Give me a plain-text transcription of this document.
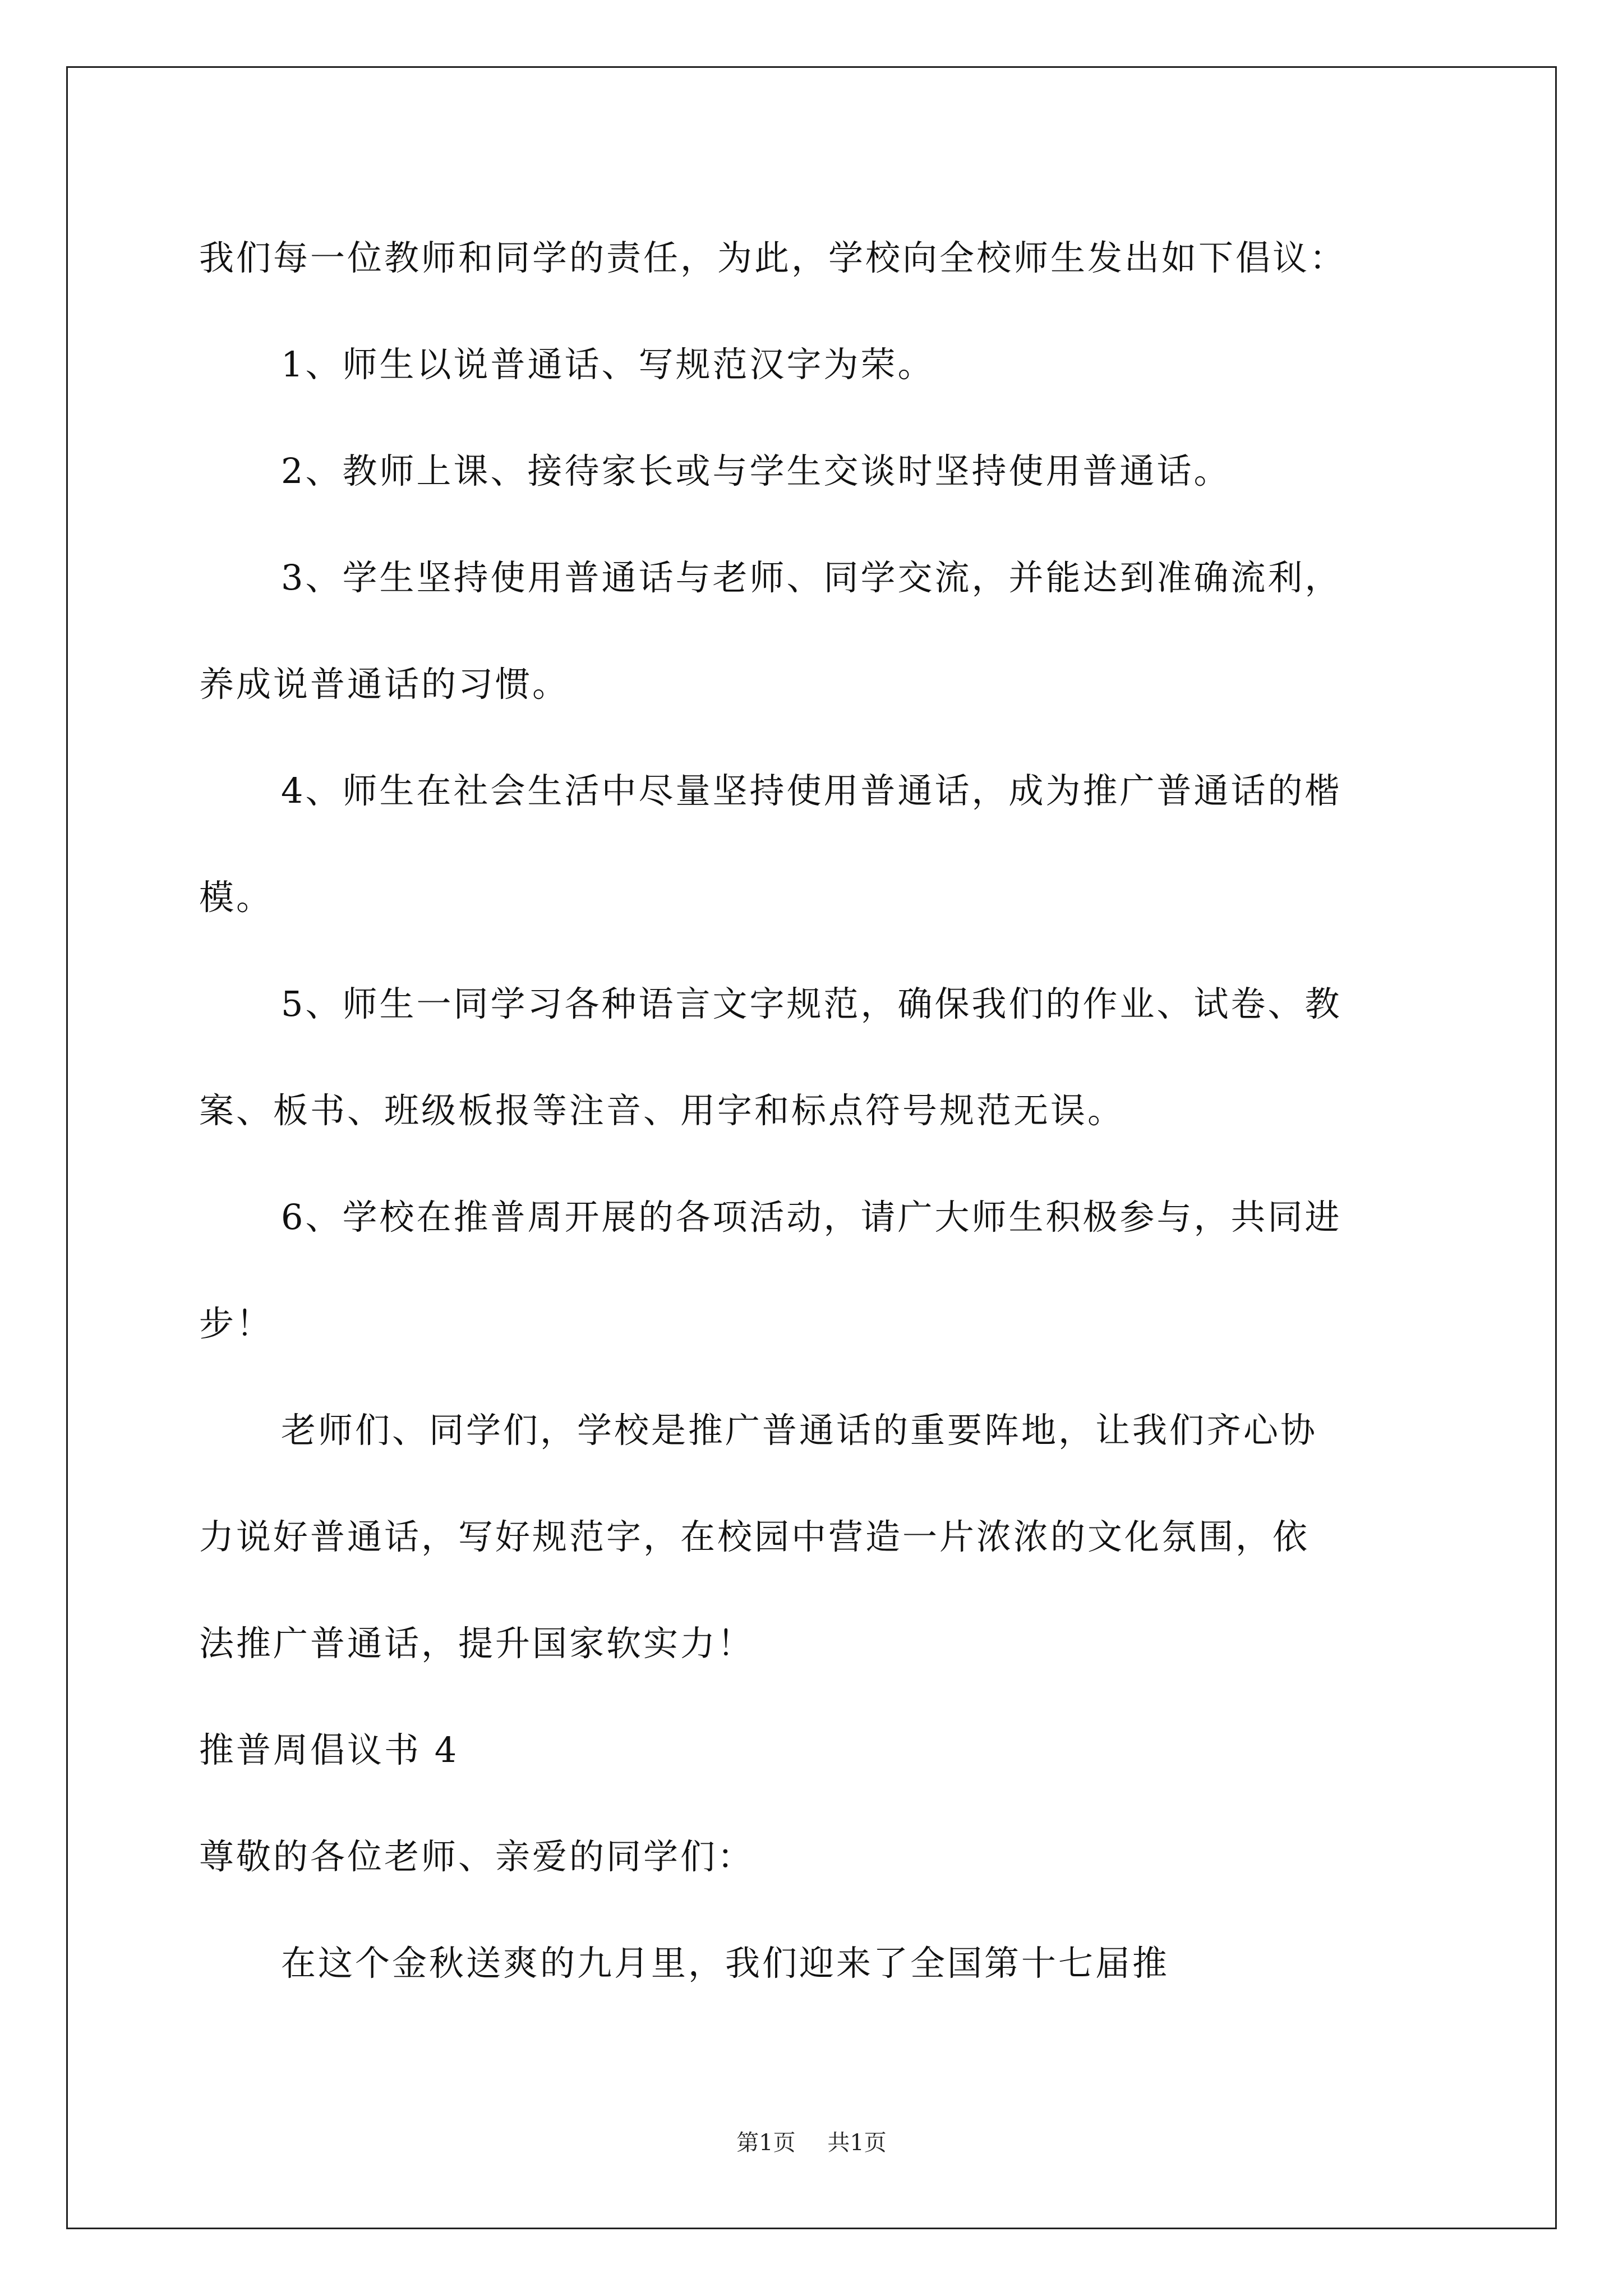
我们每一位教师和同学的责任，为此，学校向全校师生发出如下倡议：
1、师生以说普通话、写规范汉字为荣。
2、教师上课、接待家长或与学生交谈时坚持使用普通话。
3、学生坚持使用普通话与老师、同学交流，并能达到准确流利，
养成说普通话的习惯。
4、师生在社会生活中尽量坚持使用普通话，成为推广普通话的楷
模。
5、师生一同学习各种语言文字规范，确保我们的作业、试卷、教
案、板书、班级板报等注音、用字和标点符号规范无误。
6、学校在推普周开展的各项活动，请广大师生积极参与，共同进
步！
老师们、同学们，学校是推广普通话的重要阵地，让我们齐心协
力说好普通话，写好规范字，在校园中营造一片浓浓的文化氛围，依
法推广普通话，提升国家软实力！
推普周倡议书 4
尊敬的各位老师、亲爱的同学们：
在这个金秋送爽的九月里，我们迎来了全国第十七届推
第1页 共1页
